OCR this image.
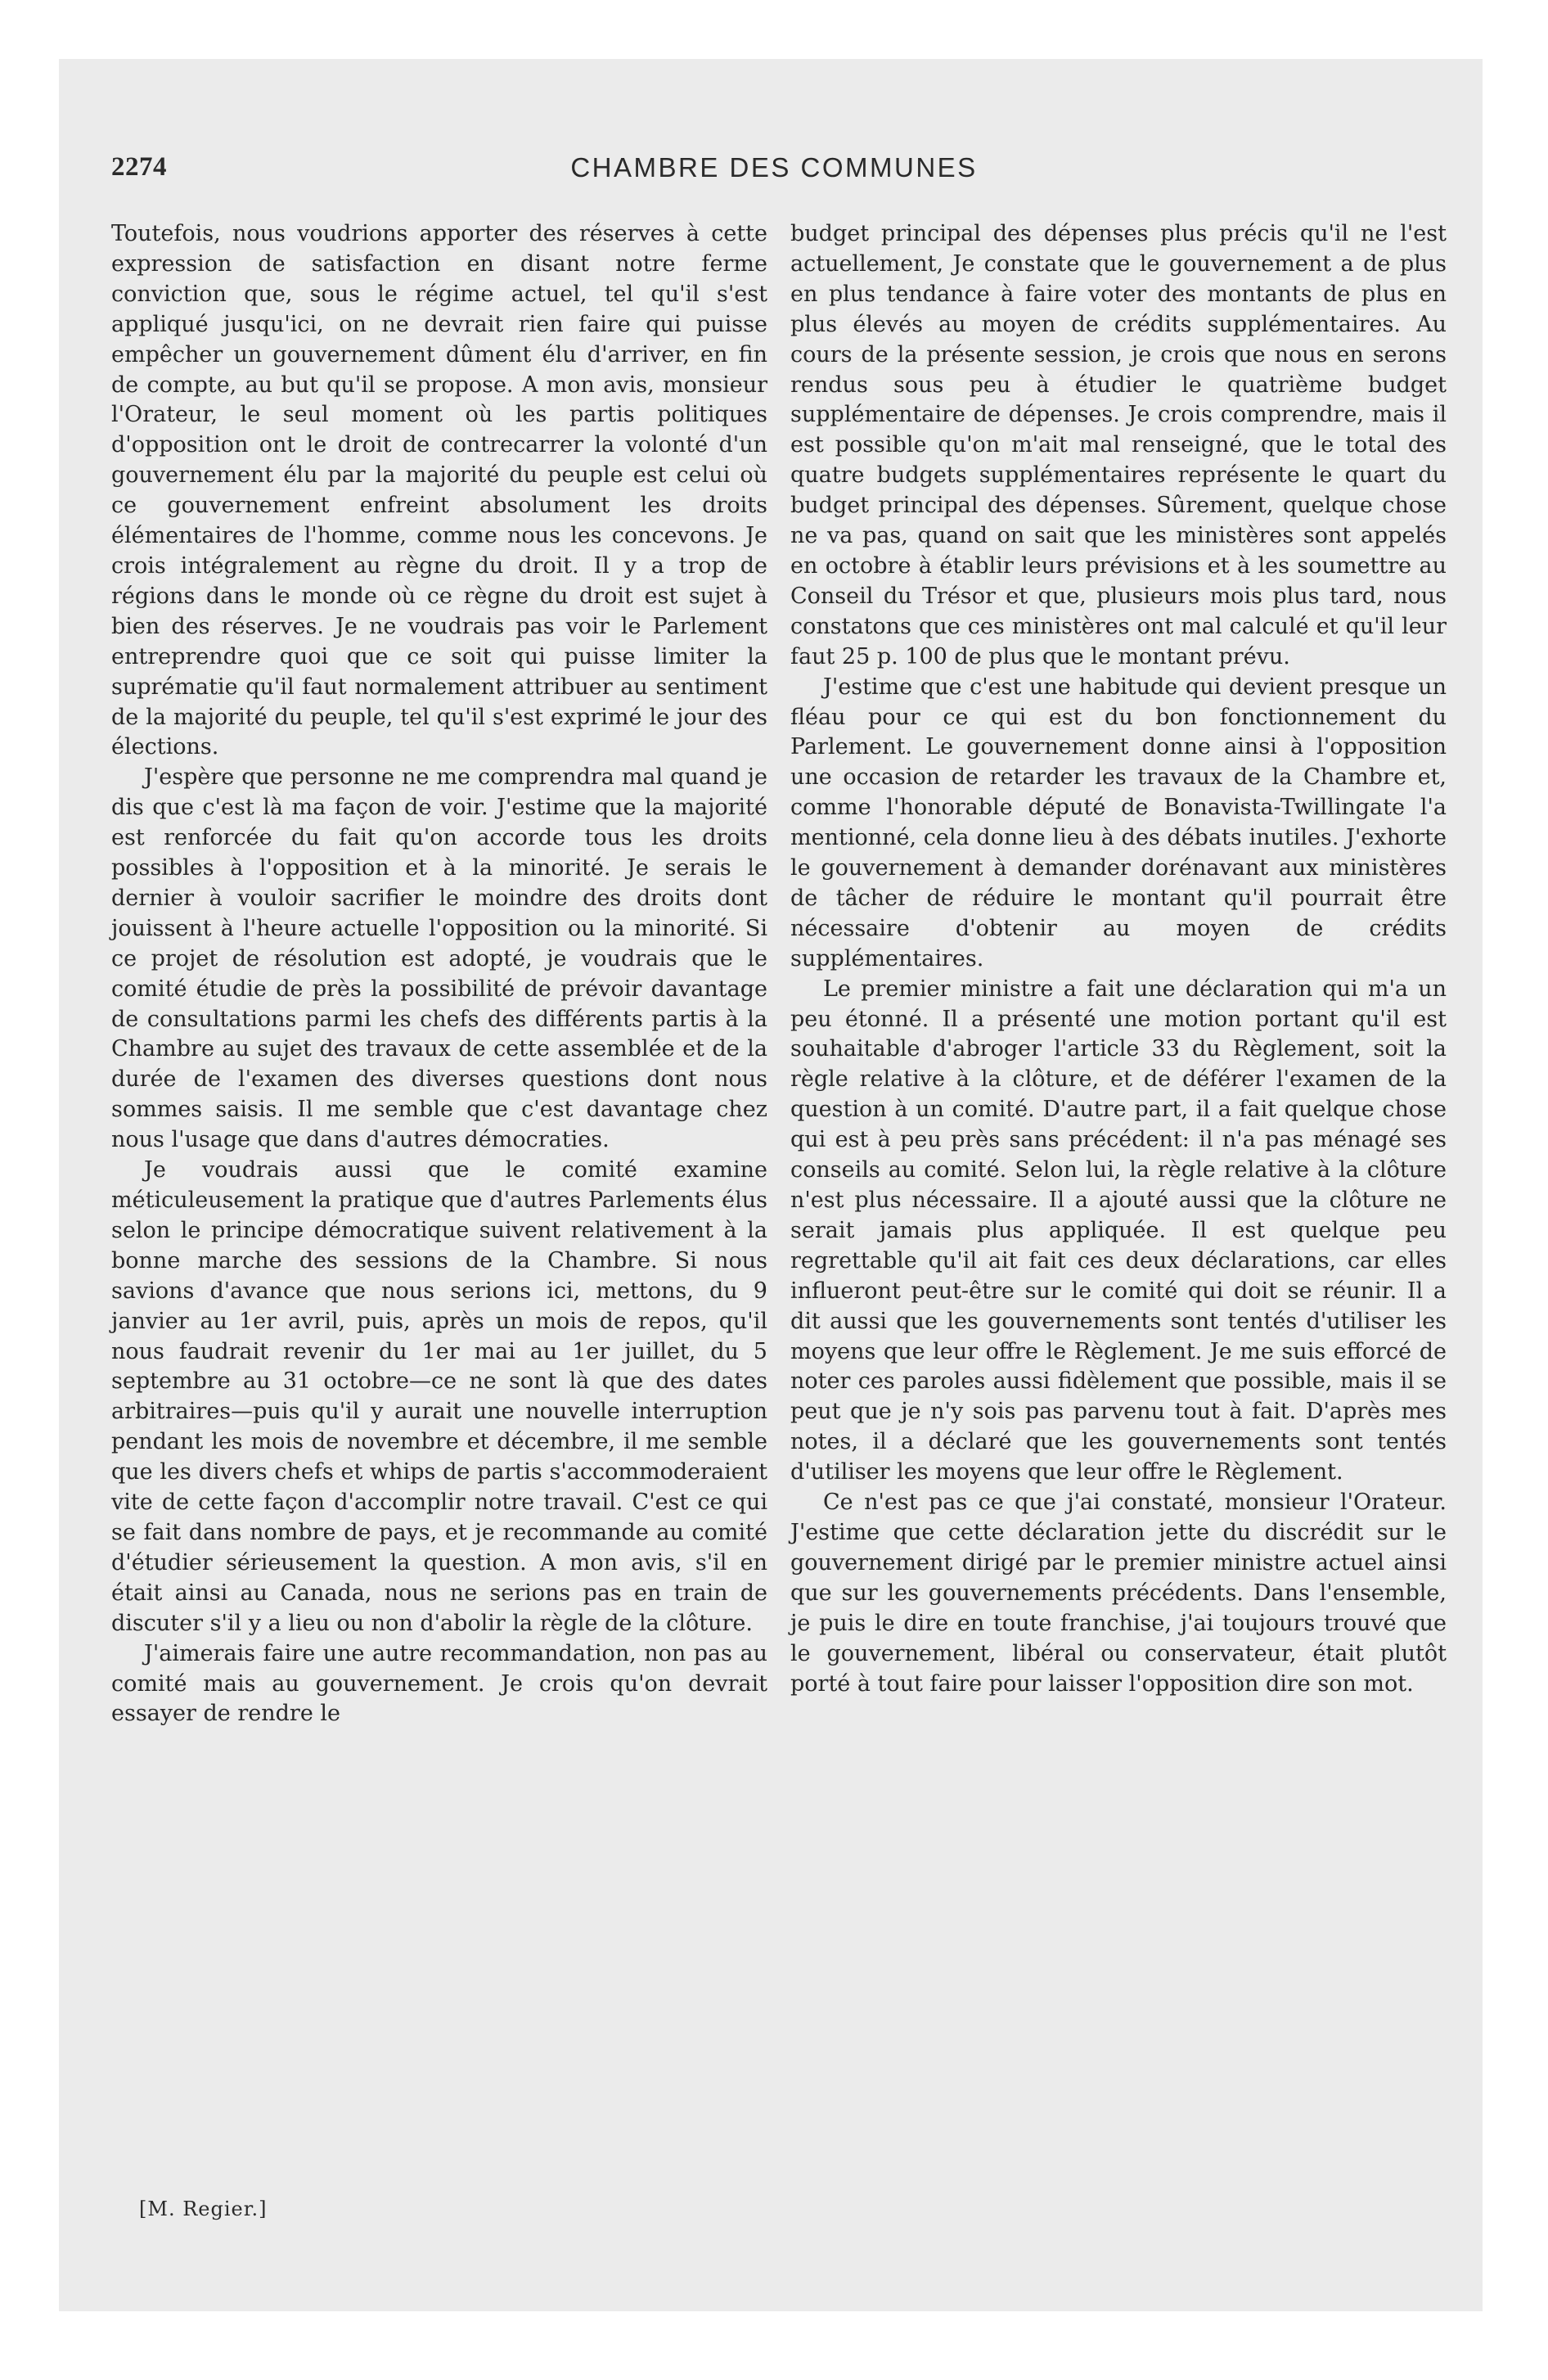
2274	CHAMBRE DES COMMUNES

Toutefois, nous voudrions apporter des réserves à cette expression de satisfaction en disant notre ferme conviction que, sous le régime actuel, tel qu'il s'est appliqué jusqu'ici, on ne devrait rien faire qui puisse empêcher un gouvernement dûment élu d'arriver, en fin de compte, au but qu'il se propose. A mon avis, monsieur l'Orateur, le seul moment où les partis politiques d'opposition ont le droit de contrecarrer la volonté d'un gouvernement élu par la majorité du peuple est celui où ce gouvernement enfreint absolument les droits élémentaires de l'homme, comme nous les concevons. Je crois intégralement au règne du droit. Il y a trop de régions dans le monde où ce règne du droit est sujet à bien des réserves. Je ne voudrais pas voir le Parlement entreprendre quoi que ce soit qui puisse limiter la suprématie qu'il faut normalement attribuer au sentiment de la majorité du peuple, tel qu'il s'est exprimé le jour des élections.

J'espère que personne ne me comprendra mal quand je dis que c'est là ma façon de voir. J'estime que la majorité est renforcée du fait qu'on accorde tous les droits possibles à l'opposition et à la minorité. Je serais le dernier à vouloir sacrifier le moindre des droits dont jouissent à l'heure actuelle l'opposition ou la minorité. Si ce projet de résolution est adopté, je voudrais que le comité étudie de près la possibilité de prévoir davantage de consultations parmi les chefs des différents partis à la Chambre au sujet des travaux de cette assemblée et de la durée de l'examen des diverses questions dont nous sommes saisis. Il me semble que c'est davantage chez nous l'usage que dans d'autres démocraties.

Je voudrais aussi que le comité examine méticuleusement la pratique que d'autres Parlements élus selon le principe démocratique suivent relativement à la bonne marche des sessions de la Chambre. Si nous savions d'avance que nous serions ici, mettons, du 9 janvier au 1er avril, puis, après un mois de repos, qu'il nous faudrait revenir du 1er mai au 1er juillet, du 5 septembre au 31 octobre—ce ne sont là que des dates arbitraires—puis qu'il y aurait une nouvelle interruption pendant les mois de novembre et décembre, il me semble que les divers chefs et whips de partis s'accommoderaient vite de cette façon d'accomplir notre travail. C'est ce qui se fait dans nombre de pays, et je recommande au comité d'étudier sérieusement la question. A mon avis, s'il en était ainsi au Canada, nous ne serions pas en train de discuter s'il y a lieu ou non d'abolir la règle de la clôture.

J'aimerais faire une autre recommandation, non pas au comité mais au gouvernement. Je crois qu'on devrait essayer de rendre le

budget principal des dépenses plus précis qu'il ne l'est actuellement, Je constate que le gouvernement a de plus en plus tendance à faire voter des montants de plus en plus élevés au moyen de crédits supplémentaires. Au cours de la présente session, je crois que nous en serons rendus sous peu à étudier le quatrième budget supplémentaire de dépenses. Je crois comprendre, mais il est possible qu'on m'ait mal renseigné, que le total des quatre budgets supplémentaires représente le quart du budget principal des dépenses. Sûrement, quelque chose ne va pas, quand on sait que les ministères sont appelés en octobre à établir leurs prévisions et à les soumettre au Conseil du Trésor et que, plusieurs mois plus tard, nous constatons que ces ministères ont mal calculé et qu'il leur faut 25 p. 100 de plus que le montant prévu.

J'estime que c'est une habitude qui devient presque un fléau pour ce qui est du bon fonctionnement du Parlement. Le gouvernement donne ainsi à l'opposition une occasion de retarder les travaux de la Chambre et, comme l'honorable député de Bonavista-Twillingate l'a mentionné, cela donne lieu à des débats inutiles. J'exhorte le gouvernement à demander dorénavant aux ministères de tâcher de réduire le montant qu'il pourrait être nécessaire d'obtenir au moyen de crédits supplémentaires.

Le premier ministre a fait une déclaration qui m'a un peu étonné. Il a présenté une motion portant qu'il est souhaitable d'abroger l'article 33 du Règlement, soit la règle relative à la clôture, et de déférer l'examen de la question à un comité. D'autre part, il a fait quelque chose qui est à peu près sans précédent: il n'a pas ménagé ses conseils au comité. Selon lui, la règle relative à la clôture n'est plus nécessaire. Il a ajouté aussi que la clôture ne serait jamais plus appliquée. Il est quelque peu regrettable qu'il ait fait ces deux déclarations, car elles influeront peut-être sur le comité qui doit se réunir. Il a dit aussi que les gouvernements sont tentés d'utiliser les moyens que leur offre le Règlement. Je me suis efforcé de noter ces paroles aussi fidèlement que possible, mais il se peut que je n'y sois pas parvenu tout à fait. D'après mes notes, il a déclaré que les gouvernements sont tentés d'utiliser les moyens que leur offre le Règlement.

Ce n'est pas ce que j'ai constaté, monsieur l'Orateur. J'estime que cette déclaration jette du discrédit sur le gouvernement dirigé par le premier ministre actuel ainsi que sur les gouvernements précédents. Dans l'ensemble, je puis le dire en toute franchise, j'ai toujours trouvé que le gouvernement, libéral ou conservateur, était plutôt porté à tout faire pour laisser l'opposition dire son mot.

[M. Regier.]
